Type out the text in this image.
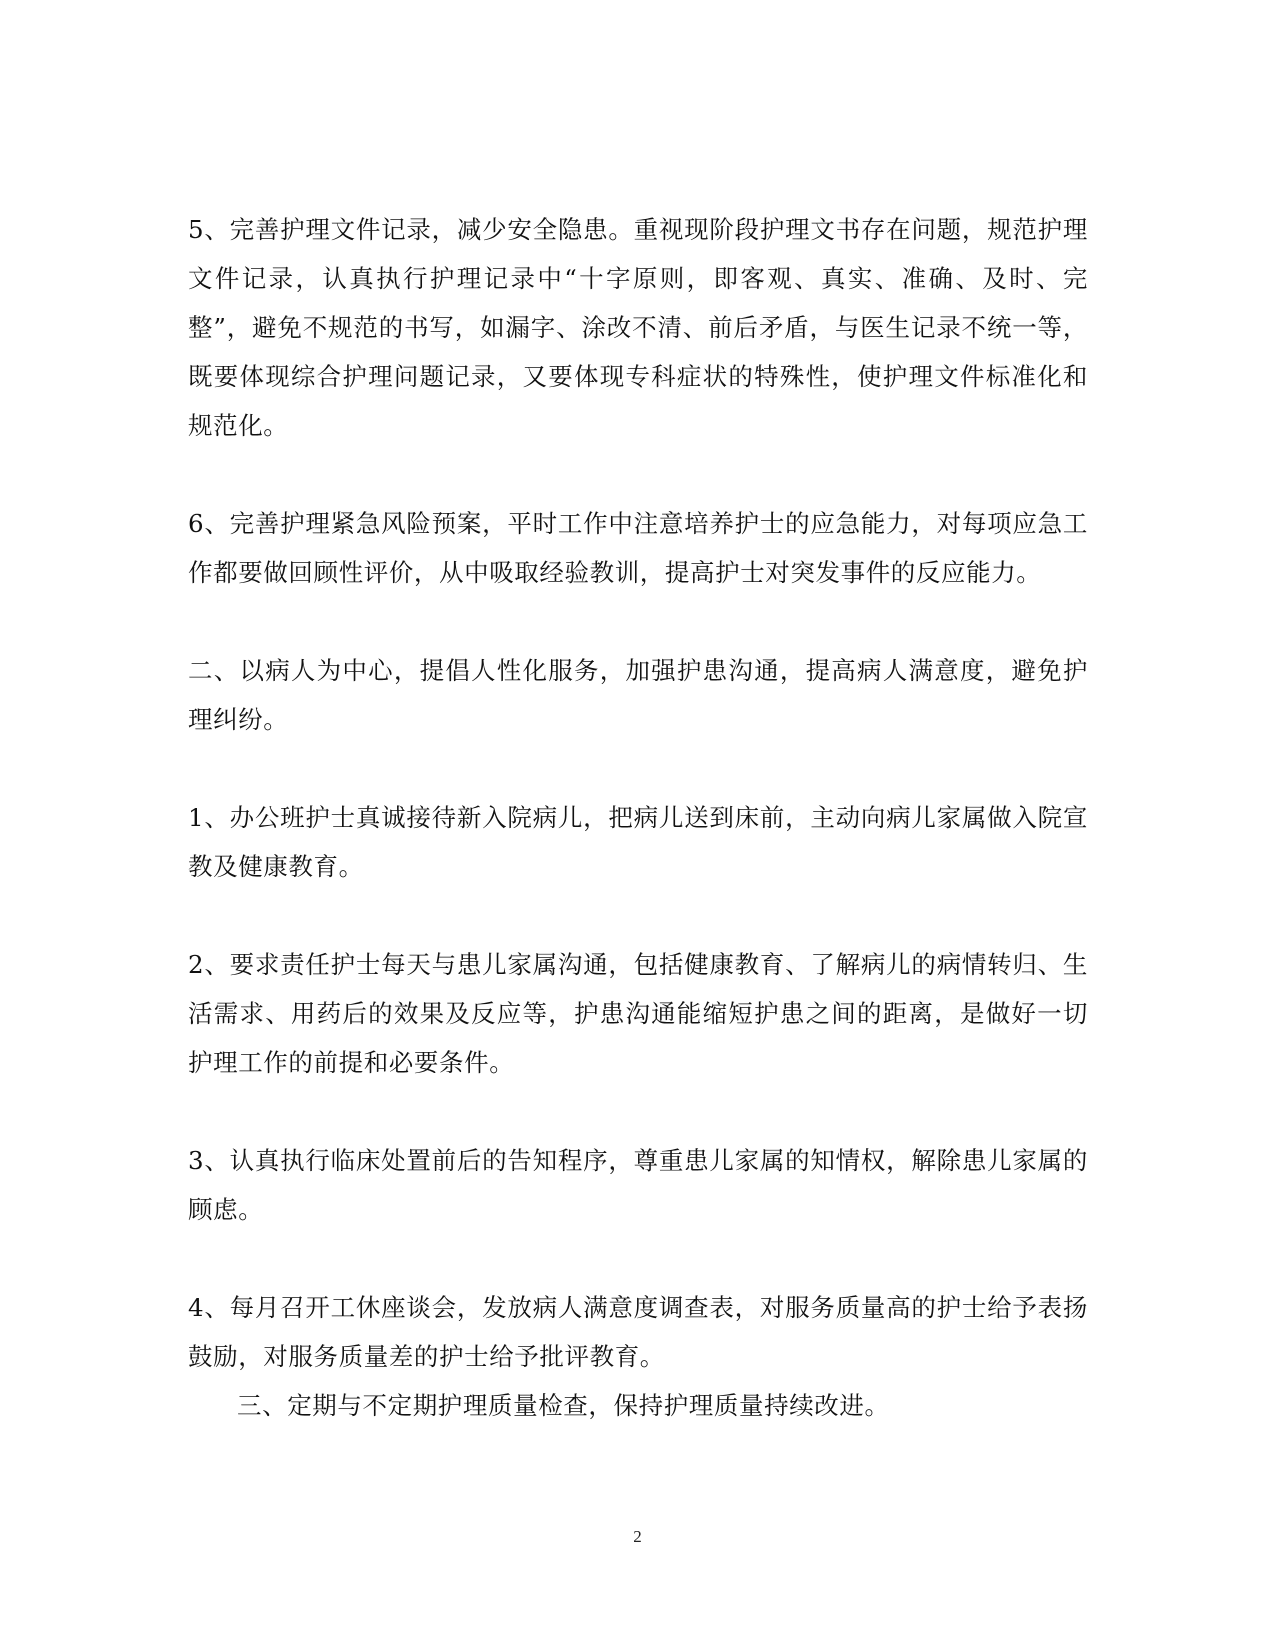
5、完善护理文件记录，减少安全隐患。重视现阶段护理文书存在问题，规范护理文件记录，认真执行护理记录中“十字原则，即客观、真实、准确、及时、完整”，避免不规范的书写，如漏字、涂改不清、前后矛盾，与医生记录不统一等，既要体现综合护理问题记录，又要体现专科症状的特殊性，使护理文件标准化和规范化。

6、完善护理紧急风险预案，平时工作中注意培养护士的应急能力，对每项应急工作都要做回顾性评价，从中吸取经验教训，提高护士对突发事件的反应能力。

二、以病人为中心，提倡人性化服务，加强护患沟通，提高病人满意度，避免护理纠纷。

1、办公班护士真诚接待新入院病儿，把病儿送到床前，主动向病儿家属做入院宣教及健康教育。

2、要求责任护士每天与患儿家属沟通，包括健康教育、了解病儿的病情转归、生活需求、用药后的效果及反应等，护患沟通能缩短护患之间的距离，是做好一切护理工作的前提和必要条件。

3、认真执行临床处置前后的告知程序，尊重患儿家属的知情权，解除患儿家属的顾虑。

4、每月召开工休座谈会，发放病人满意度调查表，对服务质量高的护士给予表扬鼓励，对服务质量差的护士给予批评教育。

三、定期与不定期护理质量检查，保持护理质量持续改进。

2
